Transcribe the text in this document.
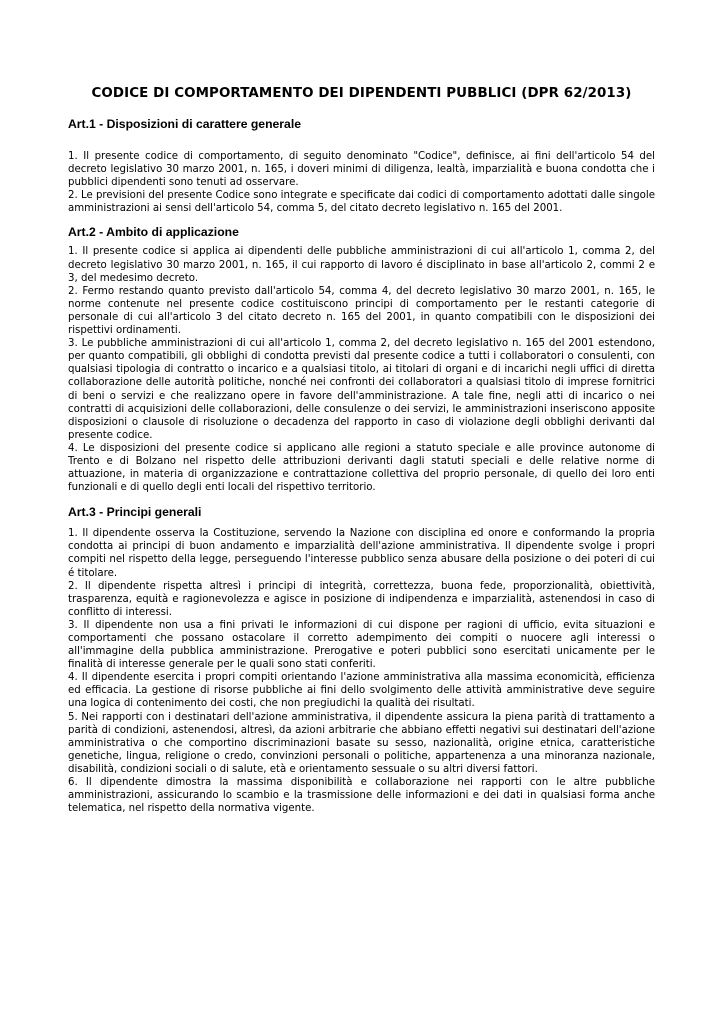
CODICE DI COMPORTAMENTO DEI DIPENDENTI PUBBLICI (DPR 62/2013)
Art.1 - Disposizioni di carattere generale

1. Il presente codice di comportamento, di seguito denominato "Codice", definisce, ai fini dell'articolo 54 del decreto legislativo 30 marzo 2001, n. 165, i doveri minimi di diligenza, lealtà, imparzialità e buona condotta che i pubblici dipendenti sono tenuti ad osservare.

2. Le previsioni del presente Codice sono integrate e specificate dai codici di comportamento adottati dalle singole amministrazioni ai sensi dell'articolo 54, comma 5, del citato decreto legislativo n. 165 del 2001.

Art.2 - Ambito di applicazione

1. Il presente codice si applica ai dipendenti delle pubbliche amministrazioni di cui all'articolo 1, comma 2, del decreto legislativo 30 marzo 2001, n. 165, il cui rapporto di lavoro é disciplinato in base all'articolo 2, commi 2 e 3, del medesimo decreto.

2. Fermo restando quanto previsto dall'articolo 54, comma 4, del decreto legislativo 30 marzo 2001, n. 165, le norme contenute nel presente codice costituiscono principi di comportamento per le restanti categorie di personale di cui all'articolo 3 del citato decreto n. 165 del 2001, in quanto compatibili con le disposizioni dei rispettivi ordinamenti.

3. Le pubbliche amministrazioni di cui all'articolo 1, comma 2, del decreto legislativo n. 165 del 2001 estendono, per quanto compatibili, gli obblighi di condotta previsti dal presente codice a tutti i collaboratori o consulenti, con qualsiasi tipologia di contratto o incarico e a qualsiasi titolo, ai titolari di organi e di incarichi negli uffici di diretta collaborazione delle autorità politiche, nonché nei confronti dei collaboratori a qualsiasi titolo di imprese fornitrici di beni o servizi e che realizzano opere in favore dell'amministrazione. A tale fine, negli atti di incarico o nei contratti di acquisizioni delle collaborazioni, delle consulenze o dei servizi, le amministrazioni inseriscono apposite disposizioni o clausole di risoluzione o decadenza del rapporto in caso di violazione degli obblighi derivanti dal presente codice.

4. Le disposizioni del presente codice si applicano alle regioni a statuto speciale e alle province autonome di Trento e di Bolzano nel rispetto delle attribuzioni derivanti dagli statuti speciali e delle relative norme di attuazione, in materia di organizzazione e contrattazione collettiva del proprio personale, di quello dei loro enti funzionali e di quello degli enti locali del rispettivo territorio.

Art.3 - Principi generali

1. Il dipendente osserva la Costituzione, servendo la Nazione con disciplina ed onore e conformando la propria condotta ai principi di buon andamento e imparzialità dell'azione amministrativa. Il dipendente svolge i propri compiti nel rispetto della legge, perseguendo l'interesse pubblico senza abusare della posizione o dei poteri di cui é titolare.

2. Il dipendente rispetta altresì i principi di integrità, correttezza, buona fede, proporzionalità, obiettività, trasparenza, equità e ragionevolezza e agisce in posizione di indipendenza e imparzialità, astenendosi in caso di conflitto di interessi.

3. Il dipendente non usa a fini privati le informazioni di cui dispone per ragioni di ufficio, evita situazioni e comportamenti che possano ostacolare il corretto adempimento dei compiti o nuocere agli interessi o all'immagine della pubblica amministrazione. Prerogative e poteri pubblici sono esercitati unicamente per le finalità di interesse generale per le quali sono stati conferiti.

4. Il dipendente esercita i propri compiti orientando l'azione amministrativa alla massima economicità, efficienza ed efficacia. La gestione di risorse pubbliche ai fini dello svolgimento delle attività amministrative deve seguire una logica di contenimento dei costi, che non pregiudichi la qualità dei risultati.

5. Nei rapporti con i destinatari dell'azione amministrativa, il dipendente assicura la piena parità di trattamento a parità di condizioni, astenendosi, altresì, da azioni arbitrarie che abbiano effetti negativi sui destinatari dell'azione amministrativa o che comportino discriminazioni basate su sesso, nazionalità, origine etnica, caratteristiche genetiche, lingua, religione o credo, convinzioni personali o politiche, appartenenza a una minoranza nazionale, disabilità, condizioni sociali o di salute, età e orientamento sessuale o su altri diversi fattori.

6. Il dipendente dimostra la massima disponibilità e collaborazione nei rapporti con le altre pubbliche amministrazioni, assicurando lo scambio e la trasmissione delle informazioni e dei dati in qualsiasi forma anche telematica, nel rispetto della normativa vigente.
